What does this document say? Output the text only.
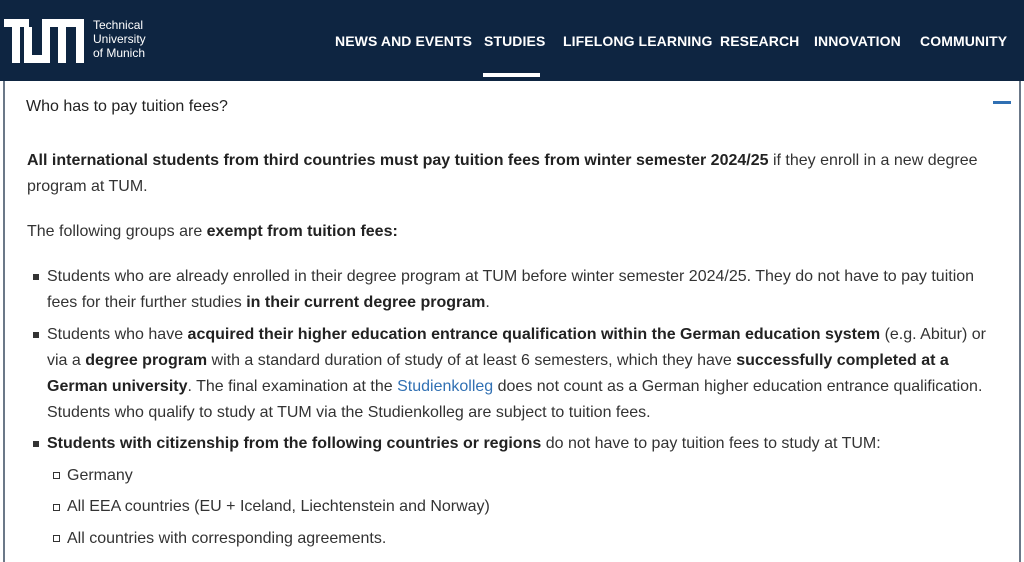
Technical
University
of Munich
NEWS AND EVENTS STUDIES LIFELONG LEARNING RESEARCH INNOVATION COMMUNITY
Who has to pay tuition fees?
All international students from third countries must pay tuition fees from winter semester 2024/25 if they enroll in a new degree program at TUM.
The following groups are exempt from tuition fees:
Students who are already enrolled in their degree program at TUM before winter semester 2024/25. They do not have to pay tuition fees for their further studies in their current degree program.
Students who have acquired their higher education entrance qualification within the German education system (e.g. Abitur) or via a degree program with a standard duration of study of at least 6 semesters, which they have successfully completed at a German university. The final examination at the Studienkolleg does not count as a German higher education entrance qualification. Students who qualify to study at TUM via the Studienkolleg are subject to tuition fees.
Students with citizenship from the following countries or regions do not have to pay tuition fees to study at TUM:
Germany
All EEA countries (EU + Iceland, Liechtenstein and Norway)
All countries with corresponding agreements.
